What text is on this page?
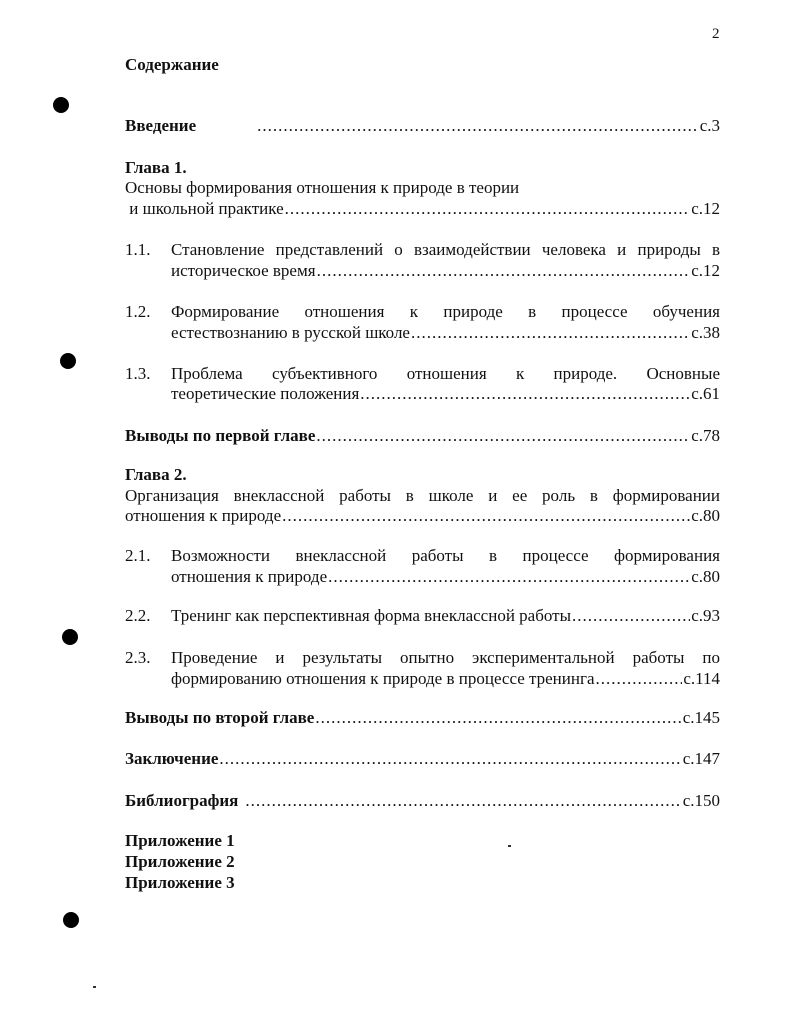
2
Содержание
Введение .....	с.3
Глава 1.
Основы формирования отношения к природе в теории
и школьной практике .....	с.12
1.1. Становление представлений о взаимодействии человека и природы в
историческое время .....	с.12
1.2. Формирование отношения к природе в процессе обучения
естествознанию в русской школе .....	с.38
1.3. Проблема субъективного отношения к природе. Основные
теоретические положения .....	с.61
Выводы по первой главе .....	с.78
Глава 2.
Организация внеклассной работы в школе и ее роль в формировании
отношения к природе .....	с.80
2.1. Возможности внеклассной работы в процессе формирования
отношения к природе .....	с.80
2.2. Тренинг как перспективная форма внеклассной работы .....	с.93
2.3. Проведение и результаты опытно экспериментальной работы по
формированию отношения к природе в процессе тренинга .....	с.114
Выводы по второй главе .....	с.145
Заключение .....	с.147
Библиография .....	с.150
Приложение 1
Приложение 2
Приложение 3
